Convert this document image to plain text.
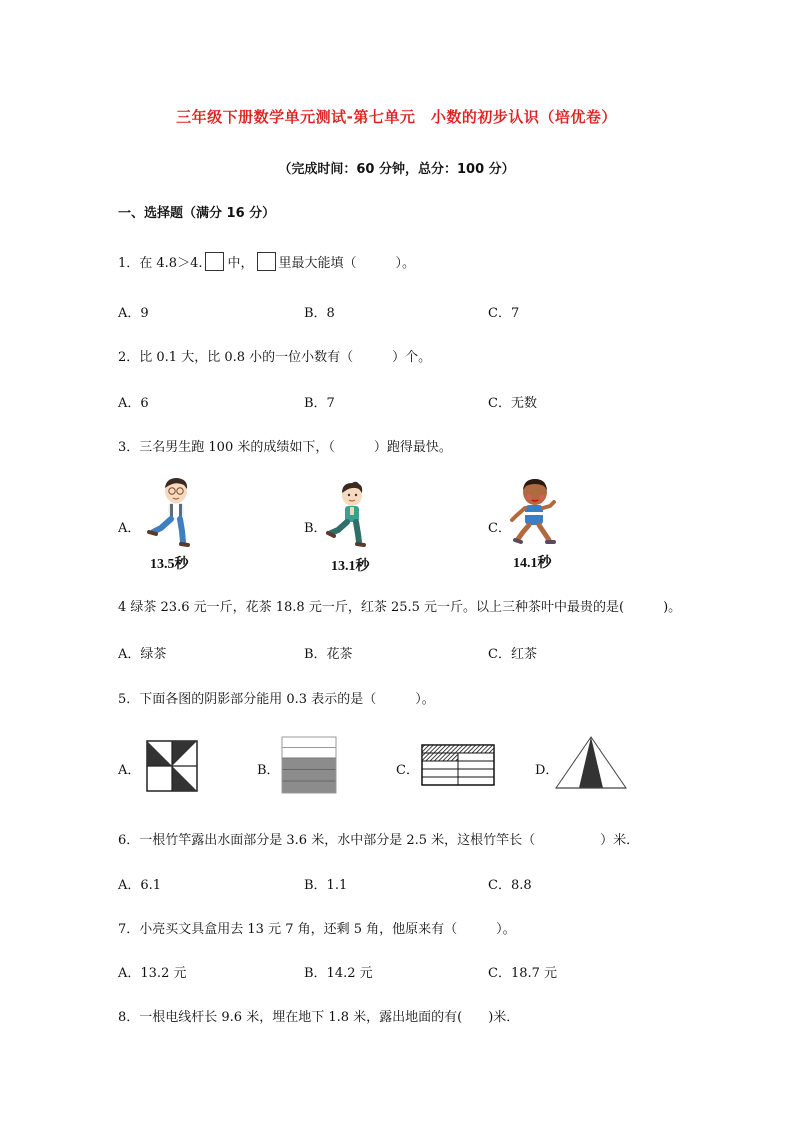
三年级下册数学单元测试-第七单元　小数的初步认识（培优卷）
（完成时间：60 分钟，总分：100 分）
一、选择题（满分 16 分）
1．在 4.8＞4. 中， 里最大能填（　　　）。
A．9	B．8	C．7
2．比 0.1 大，比 0.8 小的一位小数有（　　　）个。
A．6	B．7	C．无数
3．三名男生跑 100 米的成绩如下，（　　　）跑得最快。
A．
13.5秒
B．
13.1秒
C．
14.1秒
4 绿茶 23.6 元一斤，花茶 18.8 元一斤，红茶 25.5 元一斤。以上三种茶叶中最贵的是(　　　)。
A．绿茶	B．花茶	C．红茶
5．下面各图的阴影部分能用 0.3 表示的是（　　　）。
A．	B．	C．	D．
6．一根竹竿露出水面部分是 3.6 米，水中部分是 2.5 米，这根竹竿长（　　　　　）米．
A．6.1	B．1.1	C．8.8
7．小亮买文具盒用去 13 元 7 角，还剩 5 角，他原来有（　　　）。
A．13.2 元	B．14.2 元	C．18.7 元
8．一根电线杆长 9.6 米，埋在地下 1.8 米，露出地面的有(　　)米．
